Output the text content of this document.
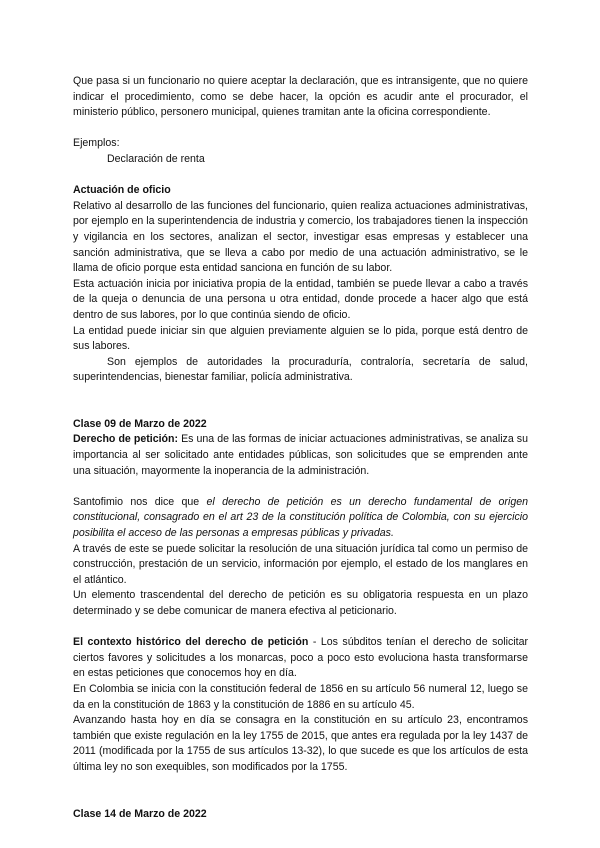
Que pasa si un funcionario no quiere aceptar la declaración, que es intransigente, que no quiere indicar el procedimiento, como se debe hacer, la opción es acudir ante el procurador, el ministerio público, personero municipal, quienes tramitan ante la oficina correspondiente.

Ejemplos:

Declaración de renta

Actuación de oficio

Relativo al desarrollo de las funciones del funcionario, quien realiza actuaciones administrativas, por ejemplo en la superintendencia de industria y comercio, los trabajadores tienen la inspección y vigilancia en los sectores, analizan el sector, investigar esas empresas y establecer una sanción administrativa, que se lleva a cabo por medio de una actuación administrativo, se le llama de oficio porque esta entidad sanciona en función de su labor.

Esta actuación inicia por iniciativa propia de la entidad, también se puede llevar a cabo a través de la queja o denuncia de una persona u otra entidad, donde procede a hacer algo que está dentro de sus labores, por lo que continúa siendo de oficio.

La entidad puede iniciar sin que alguien previamente alguien se lo pida, porque está dentro de sus labores.

Son ejemplos de autoridades la procuraduría, contraloría, secretaría de salud, superintendencias, bienestar familiar, policía administrativa.

Clase 09 de Marzo de 2022

Derecho de petición: Es una de las formas de iniciar actuaciones administrativas, se analiza su importancia al ser solicitado ante entidades públicas, son solicitudes que se emprenden ante una situación, mayormente la inoperancia de la administración.

Santofimio nos dice que el derecho de petición es un derecho fundamental de origen constitucional, consagrado en el art 23 de la constitución política de Colombia, con su ejercicio posibilita el acceso de las personas a empresas públicas y privadas.

A través de este se puede solicitar la resolución de una situación jurídica tal como un permiso de construcción, prestación de un servicio, información por ejemplo, el estado de los manglares en el atlántico.

Un elemento trascendental del derecho de petición es su obligatoria respuesta en un plazo determinado y se debe comunicar de manera efectiva al peticionario.

El contexto histórico del derecho de petición - Los súbditos tenían el derecho de solicitar ciertos favores y solicitudes a los monarcas, poco a poco esto evoluciona hasta transformarse en estas peticiones que conocemos hoy en día.

En Colombia se inicia con la constitución federal de 1856 en su artículo 56 numeral 12, luego se da en la constitución de 1863 y la constitución de 1886 en su artículo 45.

Avanzando hasta hoy en día se consagra en la constitución en su artículo 23, encontramos también que existe regulación en la ley 1755 de 2015, que antes era regulada por la ley 1437 de 2011 (modificada por la 1755 de sus artículos 13-32), lo que sucede es que los artículos de esta última ley no son exequibles, son modificados por la 1755.

Clase 14 de Marzo de 2022
